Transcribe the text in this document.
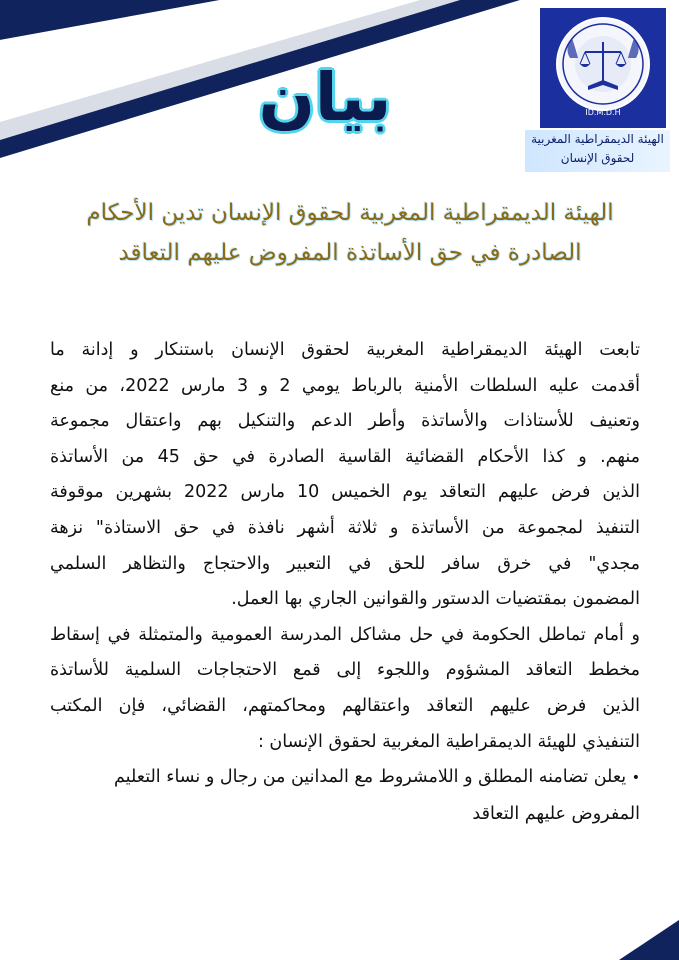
ID.M.D.H
الهيئة الديمقراطية المغربية
لحقوق الإنسان
بيان
الهيئة الديمقراطية المغربية لحقوق الإنسان تدين الأحكام
الصادرة في حق الأساتذة المفروض عليهم التعاقد
تابعت الهيئة الديمقراطية المغربية لحقوق الإنسان باستنكار و إدانة ما
أقدمت عليه السلطات الأمنية بالرباط يومي 2 و 3 مارس 2022، من منع
وتعنيف للأستاذات والأساتذة وأطر الدعم والتنكيل بهم واعتقال مجموعة
منهم. و كذا الأحكام القضائية القاسية الصادرة في حق 45 من الأساتذة
الذين فرض عليهم التعاقد يوم الخميس 10 مارس 2022 بشهرين موقوفة
التنفيذ لمجموعة من الأساتذة و ثلاثة أشهر نافذة في حق الاستاذة" نزهة
مجدي" في خرق سافر للحق في التعبير والاحتجاج والتظاهر السلمي
المضمون بمقتضيات الدستور والقوانين الجاري بها العمل.
و أمام تماطل الحكومة في حل مشاكل المدرسة العمومية والمتمثلة في إسقاط
مخطط التعاقد المشؤوم واللجوء إلى قمع الاحتجاجات السلمية للأساتذة
الذين فرض عليهم التعاقد واعتقالهم ومحاكمتهم، القضائي، فإن المكتب
التنفيذي للهيئة الديمقراطية المغربية لحقوق الإنسان :
• يعلن تضامنه المطلق و اللامشروط مع المدانين من رجال و نساء التعليم
المفروض عليهم التعاقد
